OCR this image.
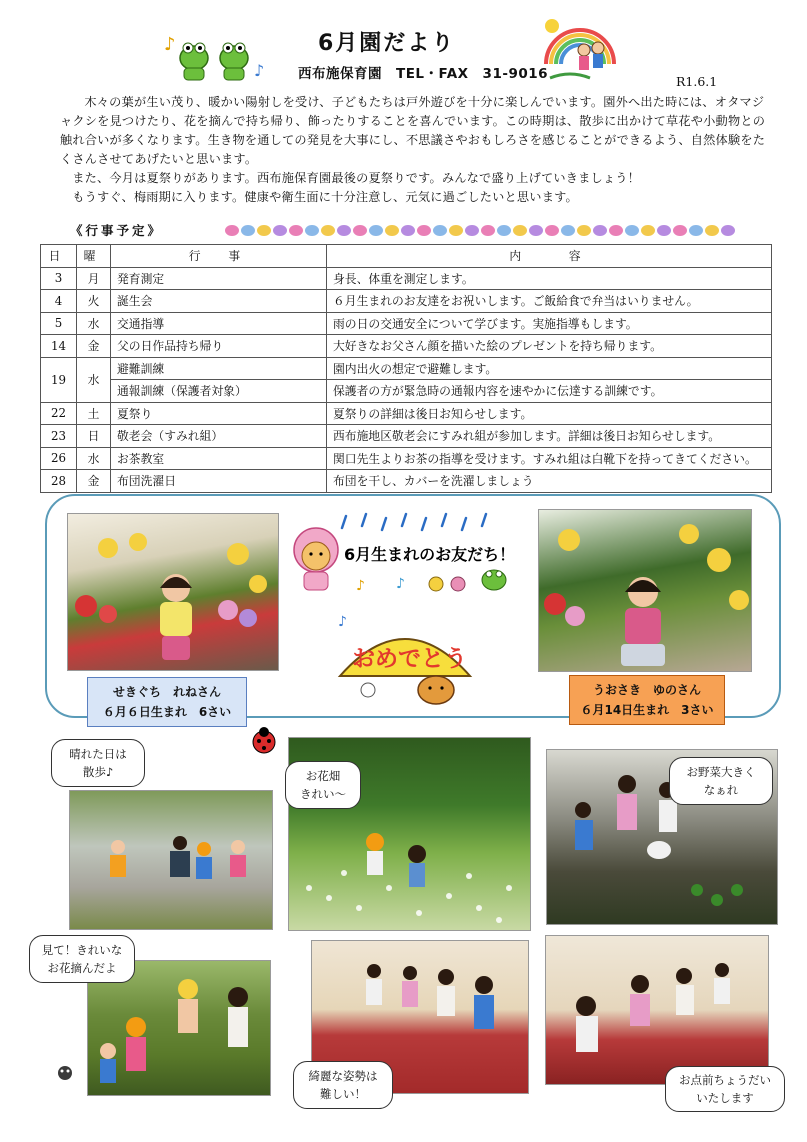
♪
♪
6月園だより
西布施保育園　TEL・FAX　31-9016	R1.6.1

木々の葉が生い茂り、暖かい陽射しを受け、子どもたちは戸外遊びを十分に楽しんでいます。園外へ出た時には、オタマジャクシを見つけたり、花を摘んで持ち帰り、飾ったりすることを喜んでいます。この時期は、散歩に出かけて草花や小動物との触れ合いが多くなります。生き物を通しての発見を大事にし、不思議さやおもしろさを感じることができるよう、自然体験をたくさんさせてあげたいと思います。

また、今月は夏祭りがあります。西布施保育園最後の夏祭りです。みんなで盛り上げていきましょう！

もうすぐ、梅雨期に入ります。健康や衛生面に十分注意し、元気に過ごしたいと思います。

《行事予定》
日	曜	行　事	内　　容
3	月	発育測定	身長、体重を測定します。
4	火	誕生会	６月生まれのお友達をお祝いします。ご飯給食で弁当はいりません。
5	水	交通指導	雨の日の交通安全について学びます。実施指導もします。
14	金	父の日作品持ち帰り	大好きなお父さん顔を描いた絵のプレゼントを持ち帰ります。
19	水	避難訓練	園内出火の想定で避難します。
		通報訓練（保護者対象）	保護者の方が緊急時の通報内容を速やかに伝達する訓練です。
22	土	夏祭り	夏祭りの詳細は後日お知らせします。
23	日	敬老会（すみれ組）	西布施地区敬老会にすみれ組が参加します。詳細は後日お知らせします。
26	水	お茶教室	関口先生よりお茶の指導を受けます。すみれ組は白靴下を持ってきてください。
28	金	布団洗濯日	布団を干し、カバーを洗濯しましょう
せきぐち　れねさん
６月６日生まれ　6さい
6月生まれのお友だち！
♪ ♪
♪
おめでとう
うおさき　ゆのさん
６月14日生まれ　3さい
晴れた日は
散歩♪	お花畑
きれい〜
お野菜大きく
なぁれ
見て！きれいな
お花摘んだよ
綺麗な姿勢は
難しい！
お点前ちょうだい
いたします
